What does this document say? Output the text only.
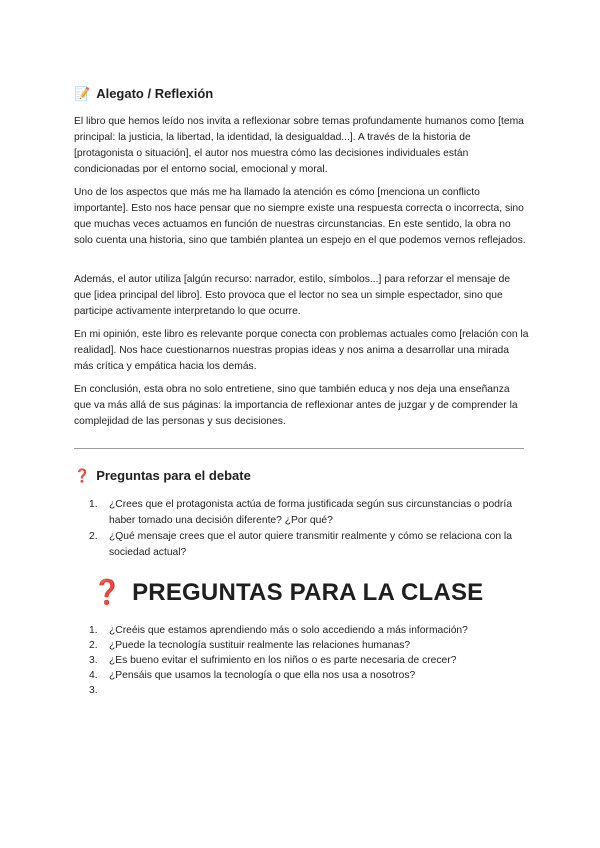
📝 Alegato / Reflexión

El libro que hemos leído nos invita a reflexionar sobre temas profundamente humanos como [tema principal: la justicia, la libertad, la identidad, la desigualdad...]. A través de la historia de [protagonista o situación], el autor nos muestra cómo las decisiones individuales están condicionadas por el entorno social, emocional y moral.

Uno de los aspectos que más me ha llamado la atención es cómo [menciona un conflicto importante]. Esto nos hace pensar que no siempre existe una respuesta correcta o incorrecta, sino que muchas veces actuamos en función de nuestras circunstancias. En este sentido, la obra no solo cuenta una historia, sino que también plantea un espejo en el que podemos vernos reflejados.

Además, el autor utiliza [algún recurso: narrador, estilo, símbolos...] para reforzar el mensaje de que [idea principal del libro]. Esto provoca que el lector no sea un simple espectador, sino que participe activamente interpretando lo que ocurre.

En mi opinión, este libro es relevante porque conecta con problemas actuales como [relación con la realidad]. Nos hace cuestionarnos nuestras propias ideas y nos anima a desarrollar una mirada más crítica y empática hacia los demás.

En conclusión, esta obra no solo entretiene, sino que también educa y nos deja una enseñanza que va más allá de sus páginas: la importancia de reflexionar antes de juzgar y de comprender la complejidad de las personas y sus decisiones.

❓ Preguntas para el debate
1. ¿Crees que el protagonista actúa de forma justificada según sus circunstancias o podría haber tomado una decisión diferente? ¿Por qué?
2. ¿Qué mensaje crees que el autor quiere transmitir realmente y cómo se relaciona con la sociedad actual?
❓ PREGUNTAS PARA LA CLASE
1. ¿Creéis que estamos aprendiendo más o solo accediendo a más información?
2. ¿Puede la tecnología sustituir realmente las relaciones humanas?
3. ¿Es bueno evitar el sufrimiento en los niños o es parte necesaria de crecer?
4. ¿Pensáis que usamos la tecnología o que ella nos usa a nosotros?
3.
